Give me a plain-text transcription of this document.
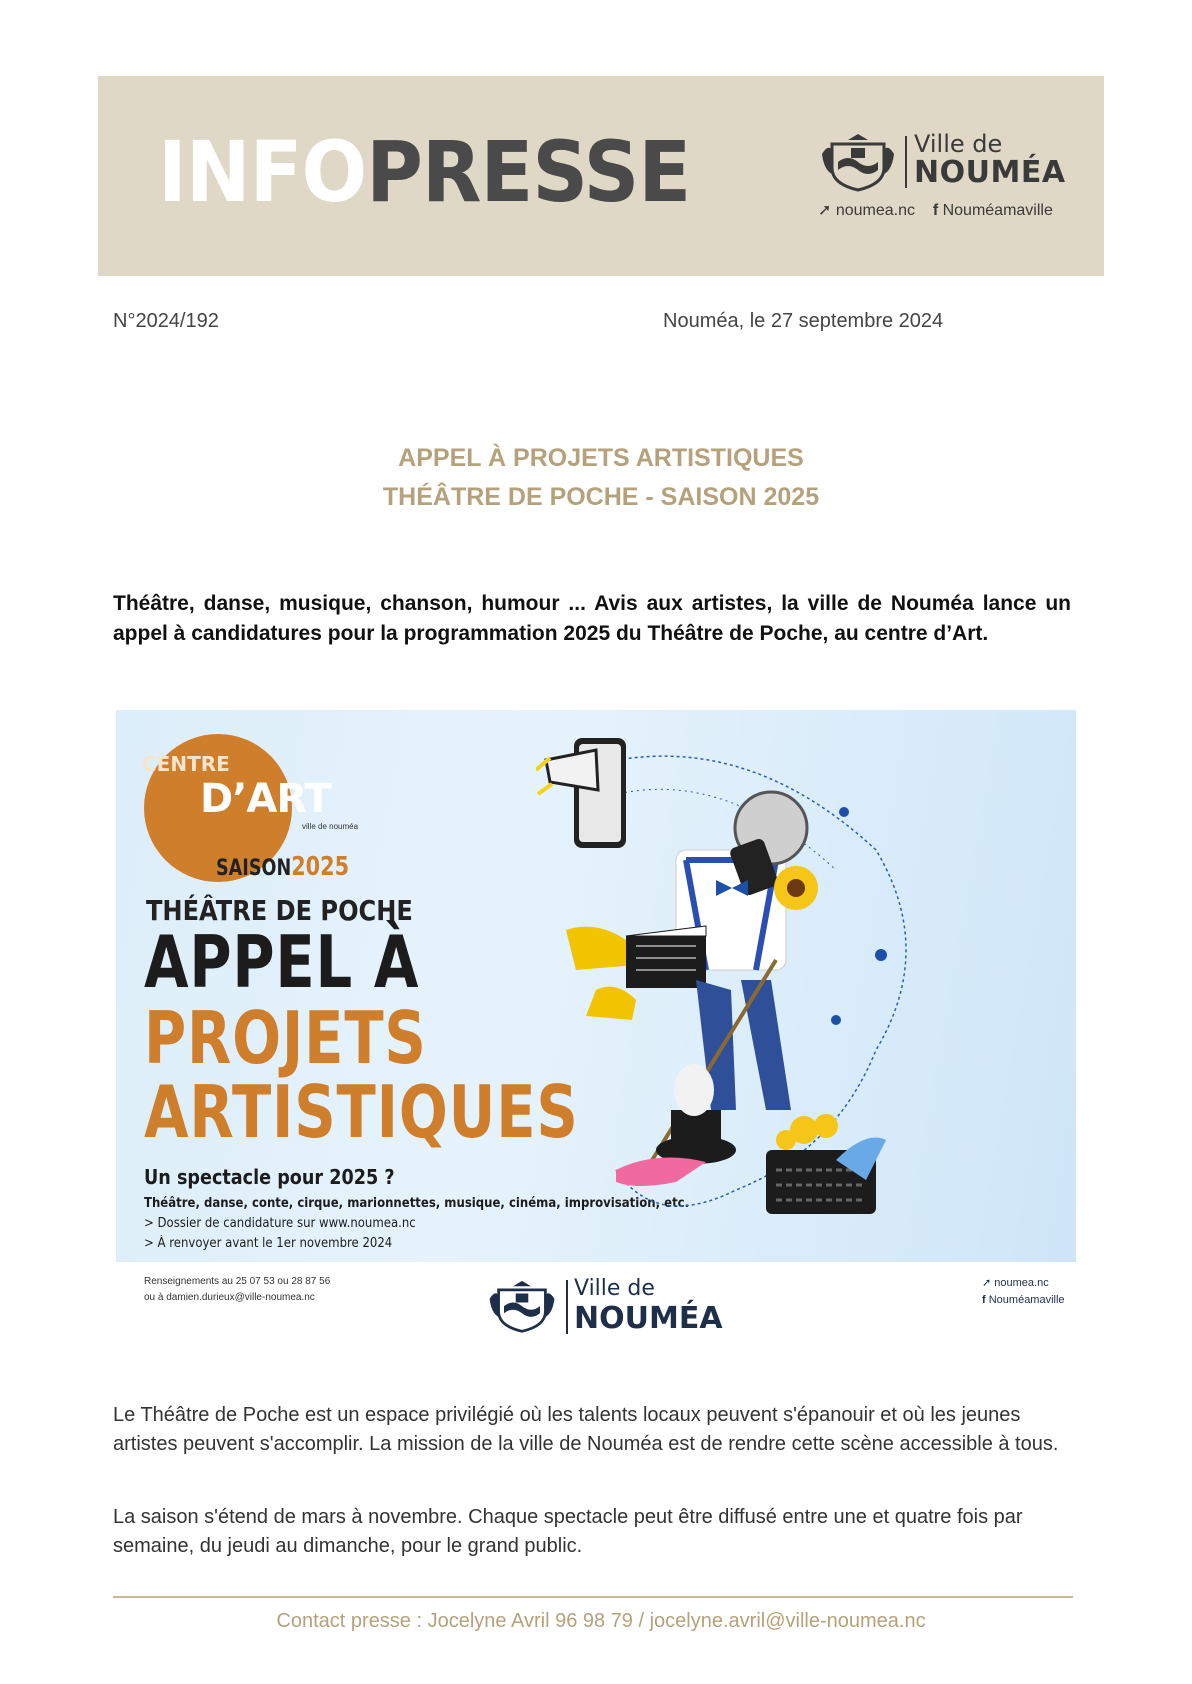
INFOPRESSE	Ville de
NOUMÉA
➚ noumea.nc f Nouméamaville
N°2024/192	Nouméa, le 27 septembre 2024
APPEL À PROJETS ARTISTIQUES
THÉÂTRE DE POCHE - SAISON 2025
Théâtre, danse, musique, chanson, humour ... Avis aux artistes, la ville de Nouméa lance un appel à candidatures pour la programmation 2025 du Théâtre de Poche, au centre d’Art.
CENTRE
D’ART
ville de nouméa
SAISON2025
THÉÂTRE DE POCHE
APPEL À
PROJETS
ARTISTIQUES
Un spectacle pour 2025 ?
Théâtre, danse, conte, cirque, marionnettes, musique, cinéma, improvisation, etc.
> Dossier de candidature sur www.noumea.nc
> À renvoyer avant le 1er novembre 2024
Renseignements au 25 07 53 ou 28 87 56
ou à damien.durieux@ville-noumea.nc	Ville de
NOUMÉA
➚ noumea.nc
f Nouméamaville
Le Théâtre de Poche est un espace privilégié où les talents locaux peuvent s'épanouir et où les jeunes artistes peuvent s'accomplir. La mission de la ville de Nouméa est de rendre cette scène accessible à tous.
La saison s'étend de mars à novembre. Chaque spectacle peut être diffusé entre une et quatre fois par semaine, du jeudi au dimanche, pour le grand public.
Contact presse : Jocelyne Avril 96 98 79 / jocelyne.avril@ville-noumea.nc
